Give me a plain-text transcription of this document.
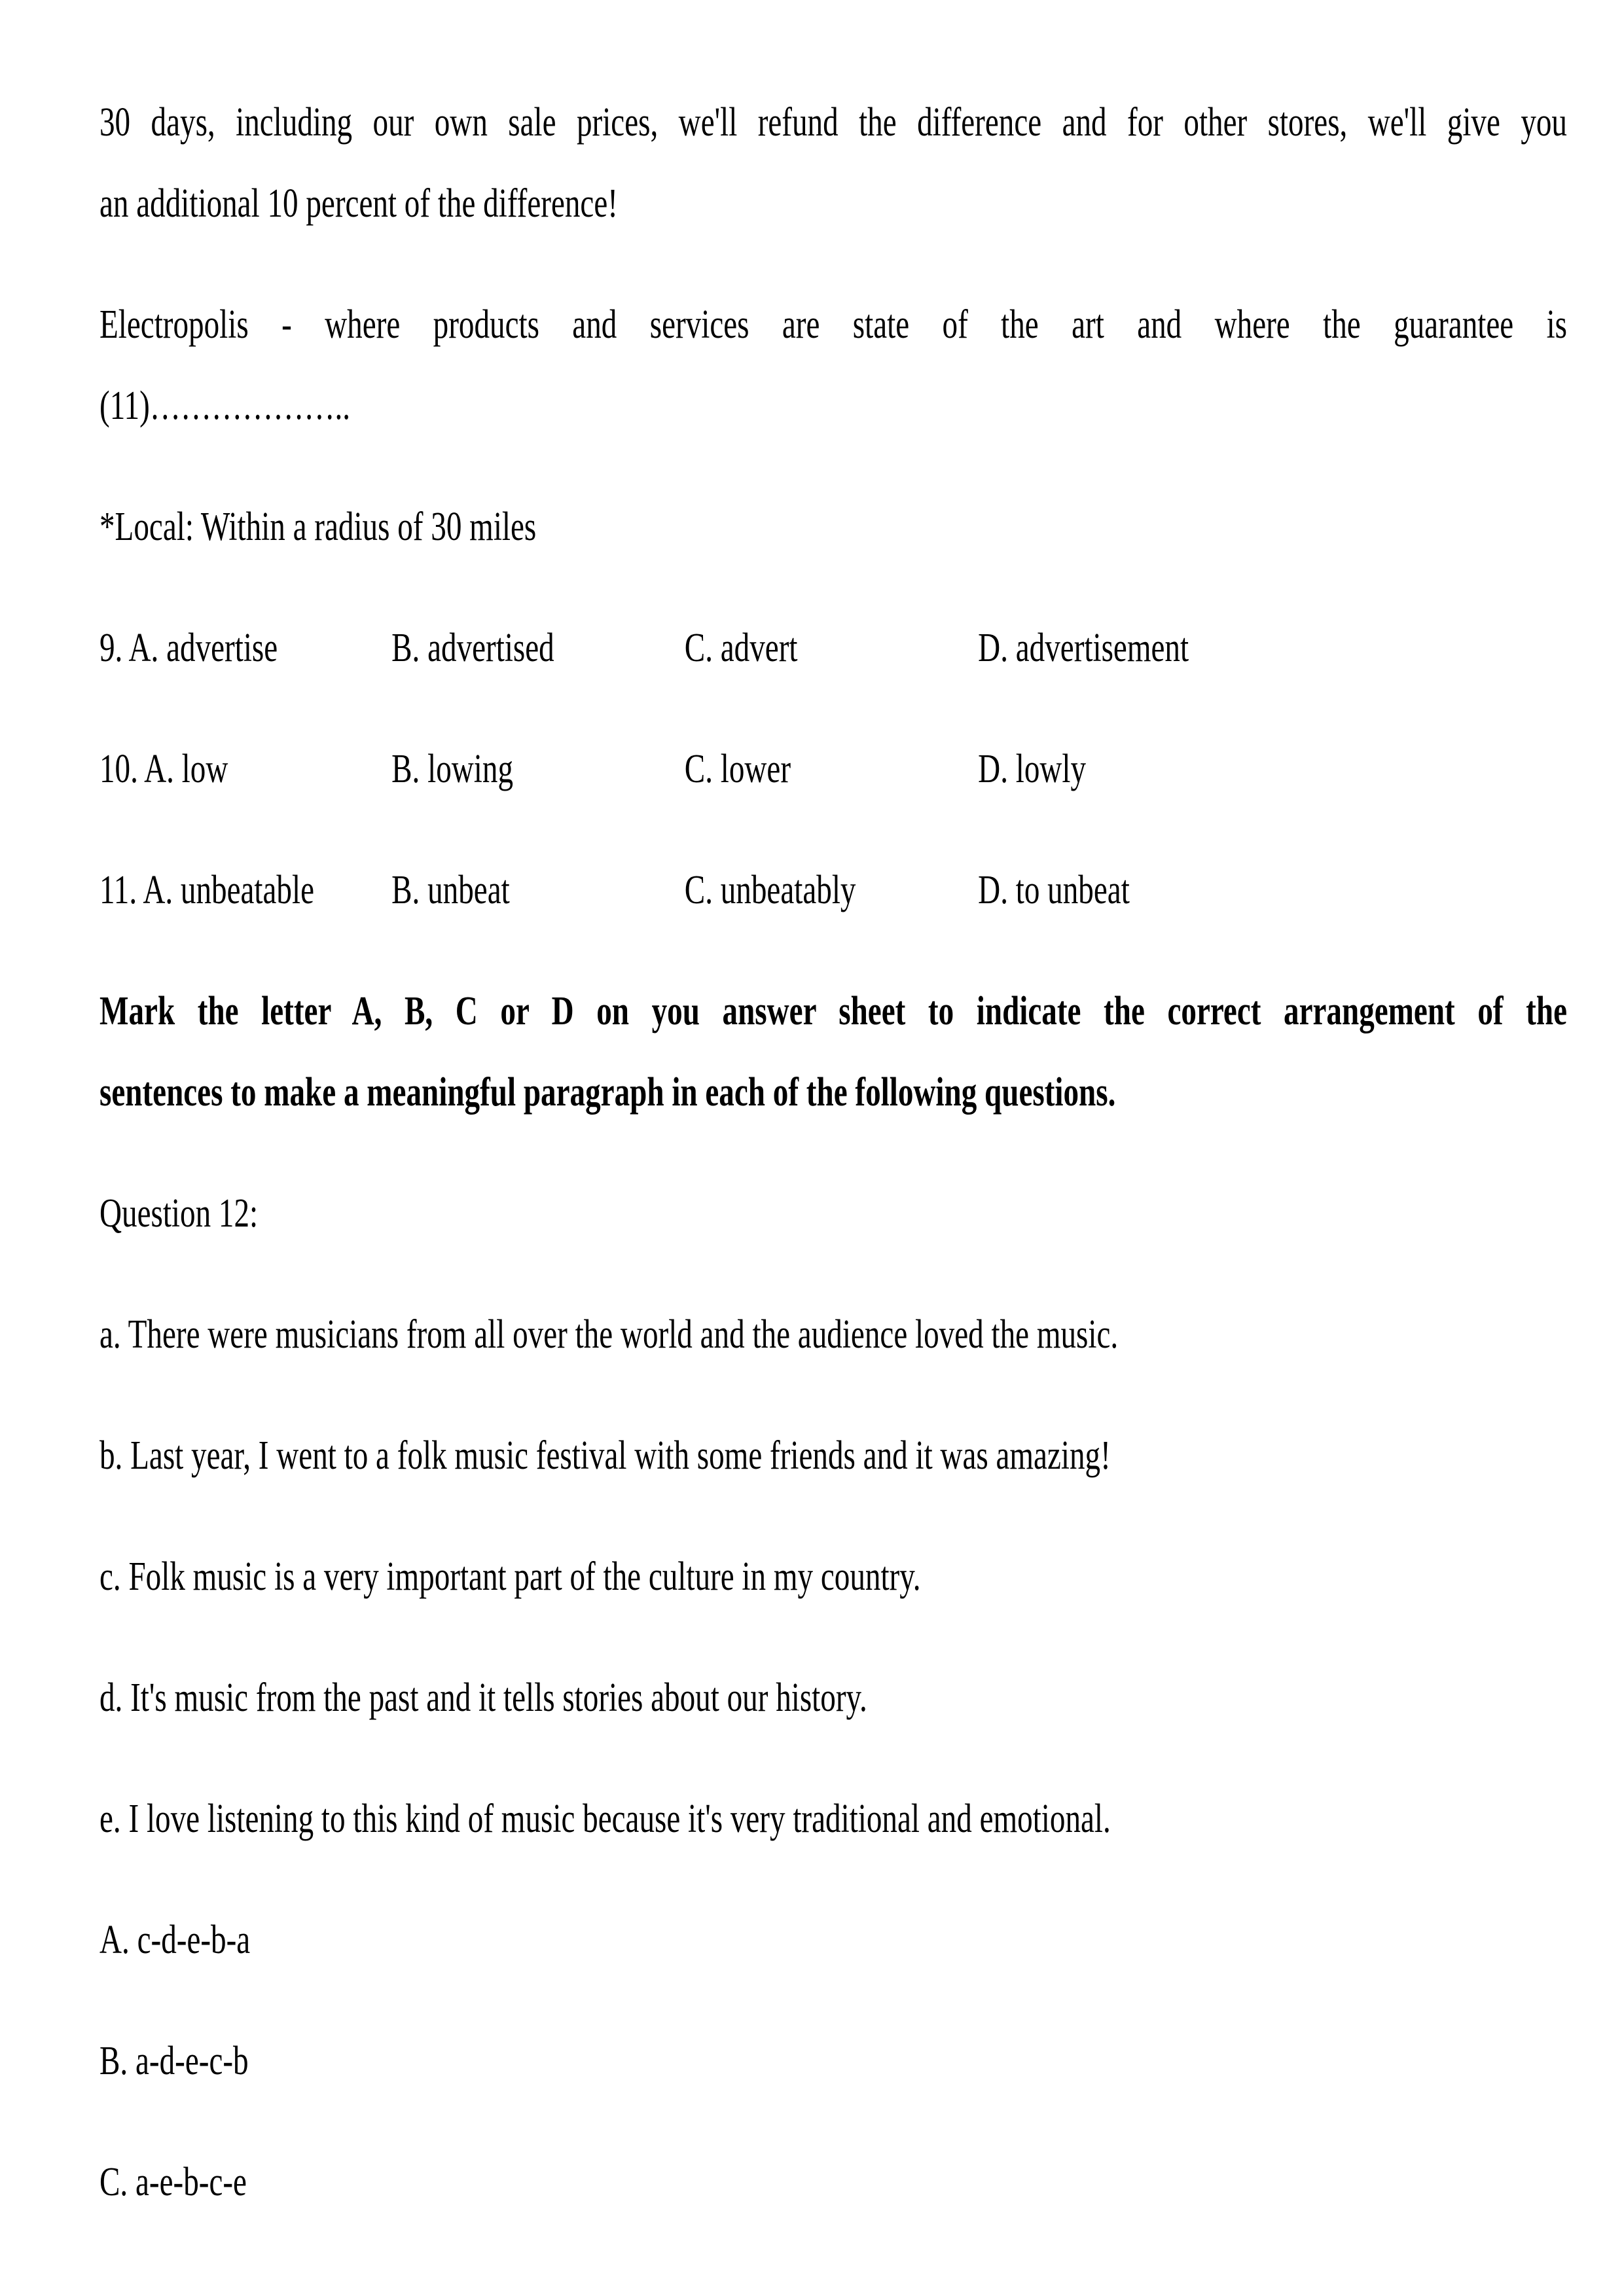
30 days, including our own sale prices, we'll refund the difference and for other stores, we'll give you
an additional 10 percent of the difference!
Electropolis - where products and services are state of the art and where the guarantee is
(11)………………..
*Local: Within a radius of 30 miles
9. A. advertise	B. advertised	C. advert	D. advertisement
10. A. low	B. lowing	C. lower	D. lowly
11. A. unbeatable	B. unbeat	C. unbeatably	D. to unbeat
Mark the letter A, B, C or D on you answer sheet to indicate the correct arrangement of the
sentences to make a meaningful paragraph in each of the following questions.
Question 12:
a. There were musicians from all over the world and the audience loved the music.
b. Last year, I went to a folk music festival with some friends and it was amazing!
c. Folk music is a very important part of the culture in my country.
d. It's music from the past and it tells stories about our history.
e. I love listening to this kind of music because it's very traditional and emotional.
A. c-d-e-b-a
B. a-d-e-c-b
C. a-e-b-c-e
